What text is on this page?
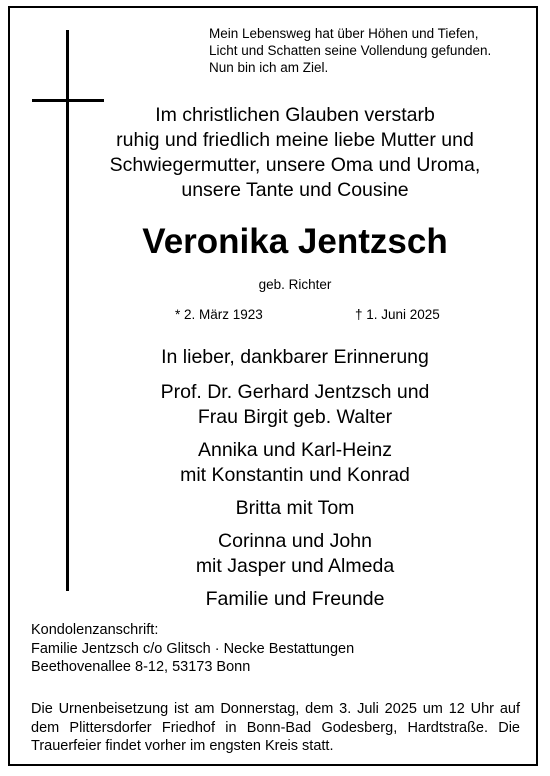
Mein Lebensweg hat über Höhen und Tiefen,
Licht und Schatten seine Vollendung gefunden.
Nun bin ich am Ziel.
Im christlichen Glauben verstarb
ruhig und friedlich meine liebe Mutter und
Schwiegermutter, unsere Oma und Uroma,
unsere Tante und Cousine
Veronika Jentzsch
geb. Richter
* 2. März 1923	† 1. Juni 2025
In lieber, dankbarer Erinnerung
Prof. Dr. Gerhard Jentzsch und
Frau Birgit geb. Walter
Annika und Karl-Heinz
mit Konstantin und Konrad
Britta mit Tom
Corinna und John
mit Jasper und Almeda
Familie und Freunde
Kondolenzanschrift:
Familie Jentzsch c/o Glitsch · Necke Bestattungen
Beethovenallee 8-12, 53173 Bonn
Die Urnenbeisetzung ist am Donnerstag, dem 3. Juli 2025 um 12 Uhr auf dem Plittersdorfer Friedhof in Bonn-Bad Godesberg, Hardtstraße. Die Trauerfeier findet vorher im engsten Kreis statt.
